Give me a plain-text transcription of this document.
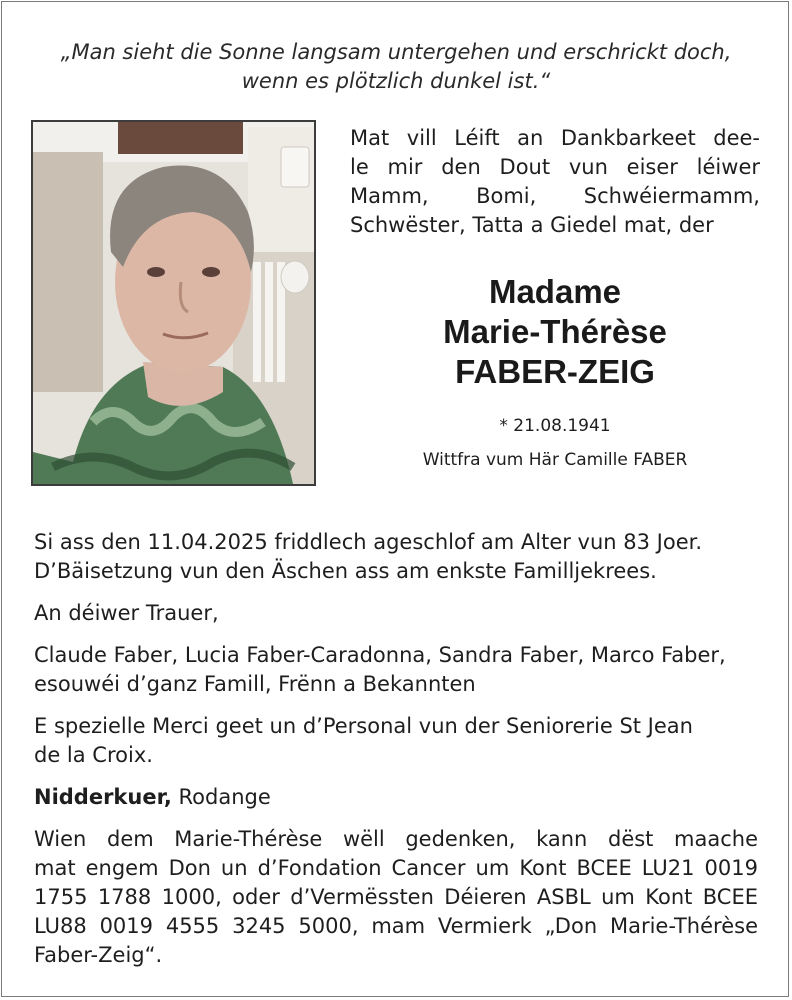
„Man sieht die Sonne langsam untergehen und erschrickt doch,
wenn es plötzlich dunkel ist.“
Mat vill Léift an Dankbarkeet dee-
le mir den Dout vun eiser léiwer
Mamm, Bomi, Schwéiermamm,
Schwëster, Tatta a Giedel mat, der
Madame
Marie-Thérèse
FABER-ZEIG
* 21.08.1941
Wittfra vum Här Camille FABER

Si ass den 11.04.2025 friddlech ageschlof am Alter vun 83 Joer.
D’Bäisetzung vun den Äschen ass am enkste Familljekrees.

An déiwer Trauer,

Claude Faber, Lucia Faber-Caradonna, Sandra Faber, Marco Faber,
esouwéi d’ganz Famill, Frënn a Bekannten

E spezielle Merci geet un d’Personal vun der Seniorerie St Jean
de la Croix.

Nidderkuer, Rodange

Wien dem Marie-Thérèse wëll gedenken, kann dëst maache
mat engem Don un d’Fondation Cancer um Kont BCEE LU21 0019
1755 1788 1000, oder d’Vermëssten Déieren ASBL um Kont BCEE
LU88 0019 4555 3245 5000, mam Vermierk „Don Marie-Thérèse
Faber-Zeig“.
